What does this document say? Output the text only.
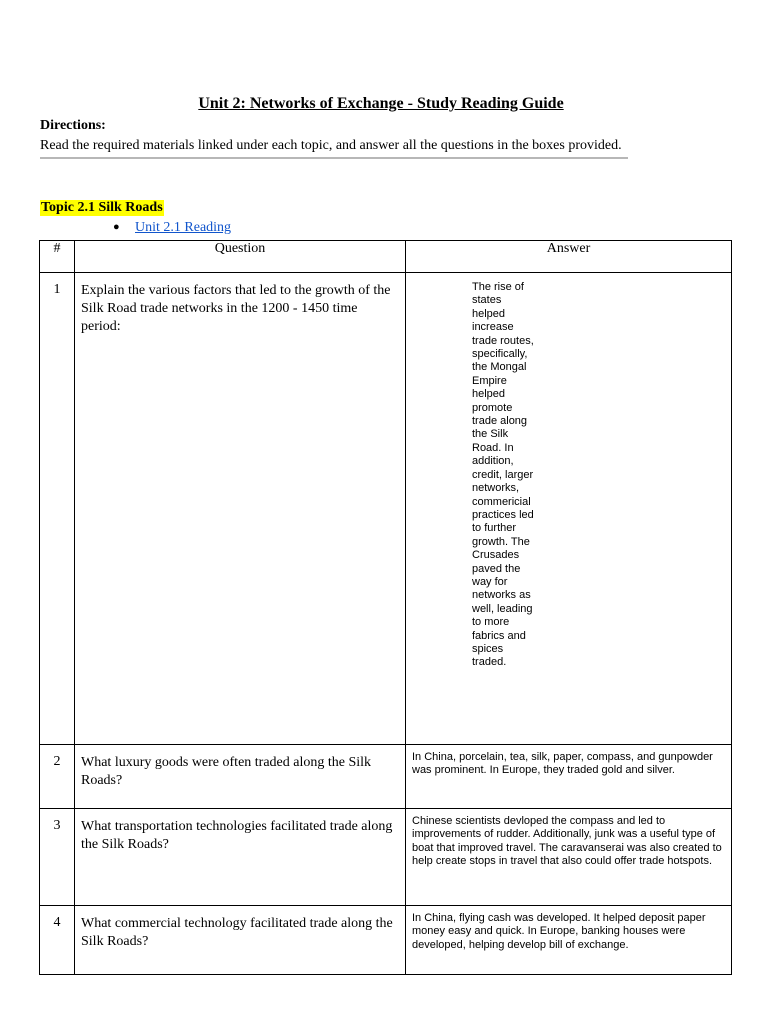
Unit 2: Networks of Exchange - Study Reading Guide
Directions:
Read the required materials linked under each topic, and answer all the questions in the boxes provided.
Topic 2.1 Silk Roads
● Unit 2.1 Reading
#	Question	Answer
1	Explain the various factors that led to the growth of the Silk Road trade networks in the 1200 - 1450 time period:	The rise of states helped increase trade routes, specifically, the Mongal Empire helped promote trade along the Silk Road. In addition, credit, larger networks, commericial practices led to further growth. The Crusades paved the way for networks as well, leading to more fabrics and spices traded.

2	What luxury goods were often traded along the Silk Roads?	In China, porcelain, tea, silk, paper, compass, and gunpowder was prominent. In Europe, they traded gold and silver.
3	What transportation technologies facilitated trade along the Silk Roads?	Chinese scientists devloped the compass and led to improvements of rudder. Additionally, junk was a useful type of boat that improved travel. The caravanserai was also created to help create stops in travel that also could offer trade hotspots.
4	What commercial technology facilitated trade along the Silk Roads?	In China, flying cash was developed. It helped deposit paper money easy and quick. In Europe, banking houses were developed, helping develop bill of exchange.
